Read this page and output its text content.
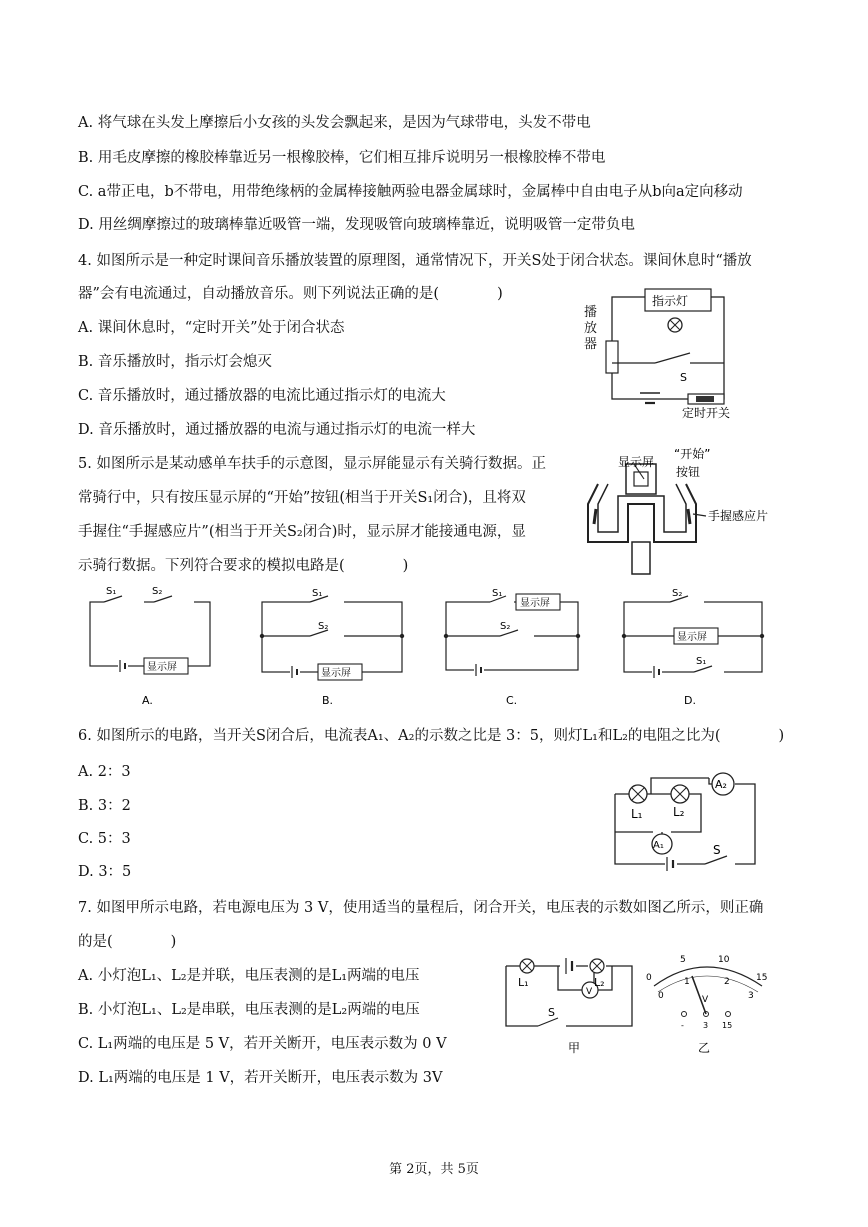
A. 将气球在头发上摩擦后小女孩的头发会飘起来，是因为气球带电，头发不带电
B. 用毛皮摩擦的橡胶棒靠近另一根橡胶棒，它们相互排斥说明另一根橡胶棒不带电
C. a带正电，b不带电，用带绝缘柄的金属棒接触两验电器金属球时，金属棒中自由电子从b向a定向移动
D. 用丝绸摩擦过的玻璃棒靠近吸管一端，发现吸管向玻璃棒靠近，说明吸管一定带负电
4. 如图所示是一种定时课间音乐播放装置的原理图，通常情况下，开关S处于闭合状态。课间休息时“播放
器”会有电流通过，自动播放音乐。则下列说法正确的是(　　　　)
A. 课间休息时，“定时开关”处于闭合状态
B. 音乐播放时，指示灯会熄灭
C. 音乐播放时，通过播放器的电流比通过指示灯的电流大
D. 音乐播放时，通过播放器的电流与通过指示灯的电流一样大
指示灯
S
定时开关
播放器
5. 如图所示是某动感单车扶手的示意图，显示屏能显示有关骑行数据。正
常骑行中，只有按压显示屏的“开始”按钮(相当于开关S₁闭合)，且将双
手握住“手握感应片”(相当于开关S₂闭合)时，显示屏才能接通电源，显
示骑行数据。下列符合要求的模拟电路是(　　　　)
显示屏
“开始”
按钮
手握感应片
S₁	S₂
显示屏
A.
S₁
S₂
显示屏
B.
S₁
显示屏
S₂
C.
S₂
显示屏
S₁
D.
6. 如图所示的电路，当开关S闭合后，电流表A₁、A₂的示数之比是 3：5，则灯L₁和L₂的电阻之比为(　　　　)
A. 2：3
B. 3：2
C. 5：3
D. 3：5
A₂
A₁
L₁	L₂
S
7. 如图甲所示电路，若电源电压为 3 V，使用适当的量程后，闭合开关，电压表的示数如图乙所示，则正确
的是(　　　　)
A. 小灯泡L₁、L₂是并联，电压表测的是L₁两端的电压
B. 小灯泡L₁、L₂是串联，电压表测的是L₂两端的电压
C. L₁两端的电压是 5 V，若开关断开，电压表示数为 0 V
D. L₁两端的电压是 1 V，若开关断开，电压表示数为 3V
L₁	L₂
V
S
甲
0
5	10
15
0
1	2
3
V
- 3 15
乙
第 2页，共 5页
